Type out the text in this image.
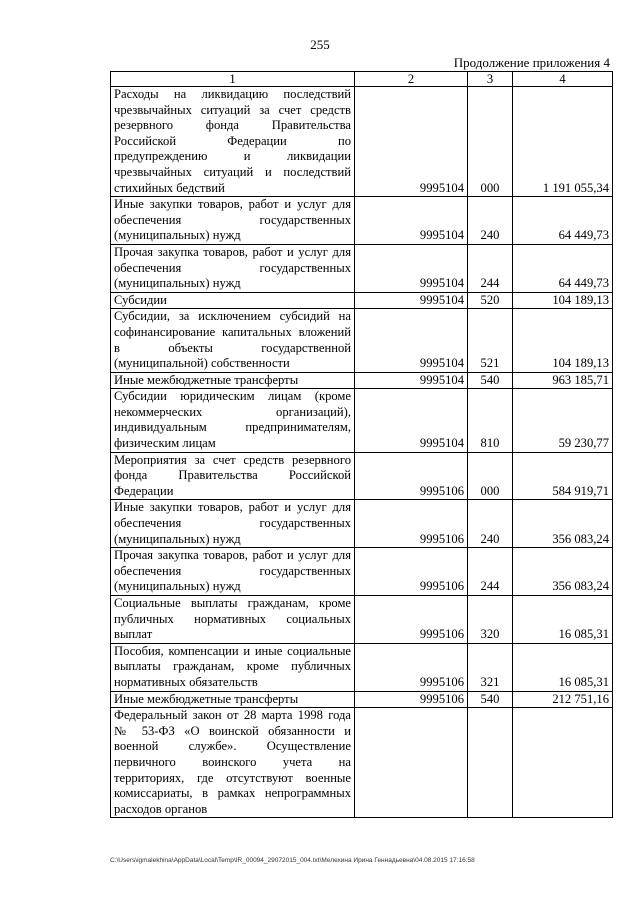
255
Продолжение приложения 4
1	2	3	4
Расходы на ликвидацию последствий чрезвычайных ситуаций за счет средств резервного фонда Правительства Российской Федерации по предупреждению и ликвидации чрезвычайных ситуаций и последствий стихийных бедствий	9995104	000	1 191 055,34
Иные закупки товаров, работ и услуг для обеспечения государственных (муниципальных) нужд	9995104	240	64 449,73
Прочая закупка товаров, работ и услуг для обеспечения государственных (муниципальных) нужд	9995104	244	64 449,73
Субсидии	9995104	520	104 189,13
Субсидии, за исключением субсидий на софинансирование капитальных вложений в объекты государственной (муниципальной) собственности	9995104	521	104 189,13
Иные межбюджетные трансферты	9995104	540	963 185,71
Субсидии юридическим лицам (кроме некоммерческих организаций), индивидуальным предпринимателям, физическим лицам	9995104	810	59 230,77
Мероприятия за счет средств резервного фонда Правительства Российской Федерации	9995106	000	584 919,71
Иные закупки товаров, работ и услуг для обеспечения государственных (муниципальных) нужд	9995106	240	356 083,24
Прочая закупка товаров, работ и услуг для обеспечения государственных (муниципальных) нужд	9995106	244	356 083,24
Социальные выплаты гражданам, кроме публичных нормативных социальных выплат	9995106	320	16 085,31
Пособия, компенсации и иные социальные выплаты гражданам, кроме публичных нормативных обязательств	9995106	321	16 085,31
Иные межбюджетные трансферты	9995106	540	212 751,16
Федеральный закон от 28 марта 1998 года № 53-ФЗ «О воинской обязанности и военной службе». Осуществление первичного воинского учета на территориях, где отсутствуют военные комиссариаты, в рамках непрограммных расходов органов			
C:\Users\igmalekhina\AppData\Local\Temp\IR_00094_29072015_004.txt\Мелехина Ирина Геннадьевна\04.08.2015 17:16:58
